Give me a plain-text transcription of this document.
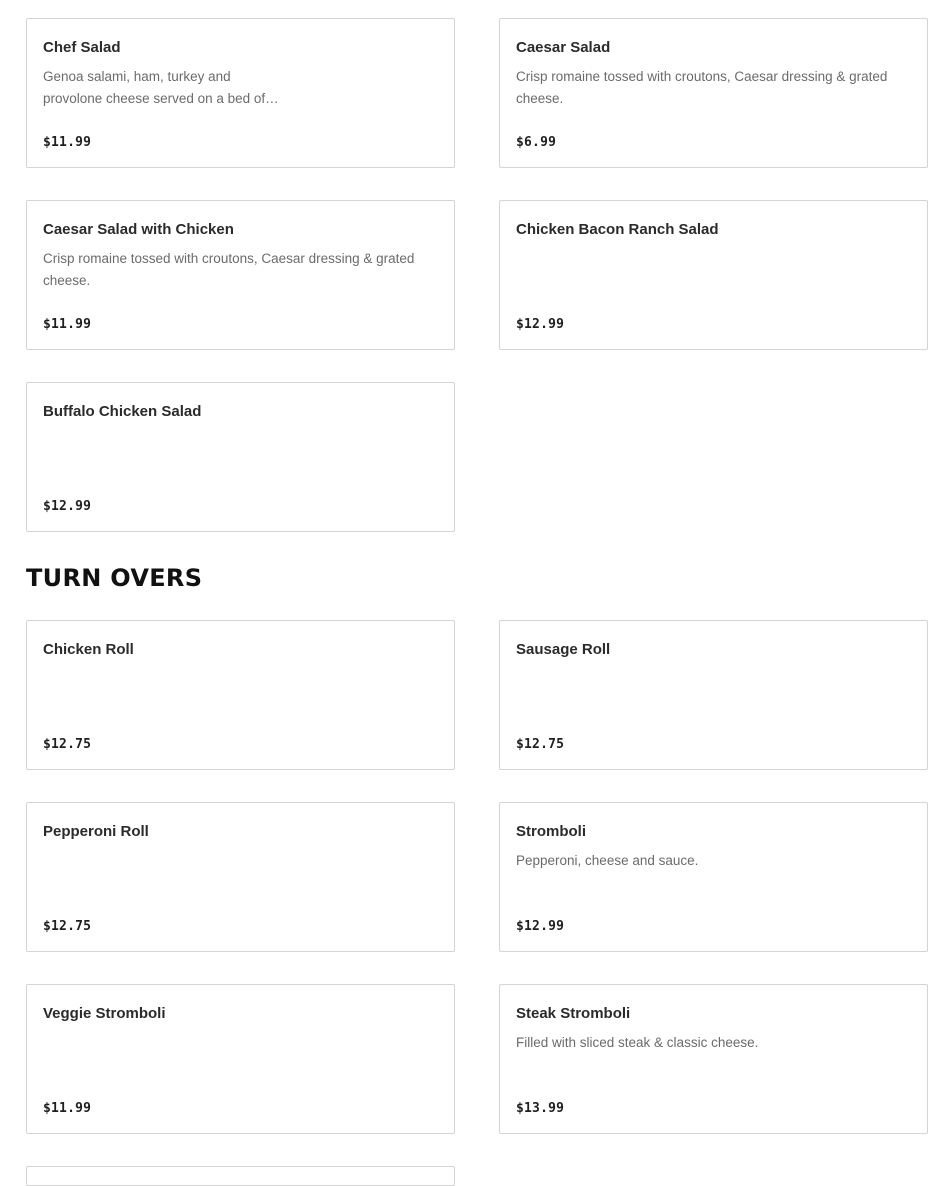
Chef Salad

Genoa salami, ham, turkey and provolone cheese served on a bed of…
$11.99

Caesar Salad

Crisp romaine tossed with croutons, Caesar dressing & grated cheese.
$6.99

Caesar Salad with Chicken

Crisp romaine tossed with croutons, Caesar dressing & grated cheese.
$11.99

Chicken Bacon Ranch Salad

$12.99

Buffalo Chicken Salad

$12.99
TURN OVERS

Chicken Roll

$12.75

Sausage Roll

$12.75

Pepperoni Roll

$12.75

Stromboli

Pepperoni, cheese and sauce.
$12.99

Veggie Stromboli

$11.99

Steak Stromboli

Filled with sliced steak & classic cheese.
$13.99
